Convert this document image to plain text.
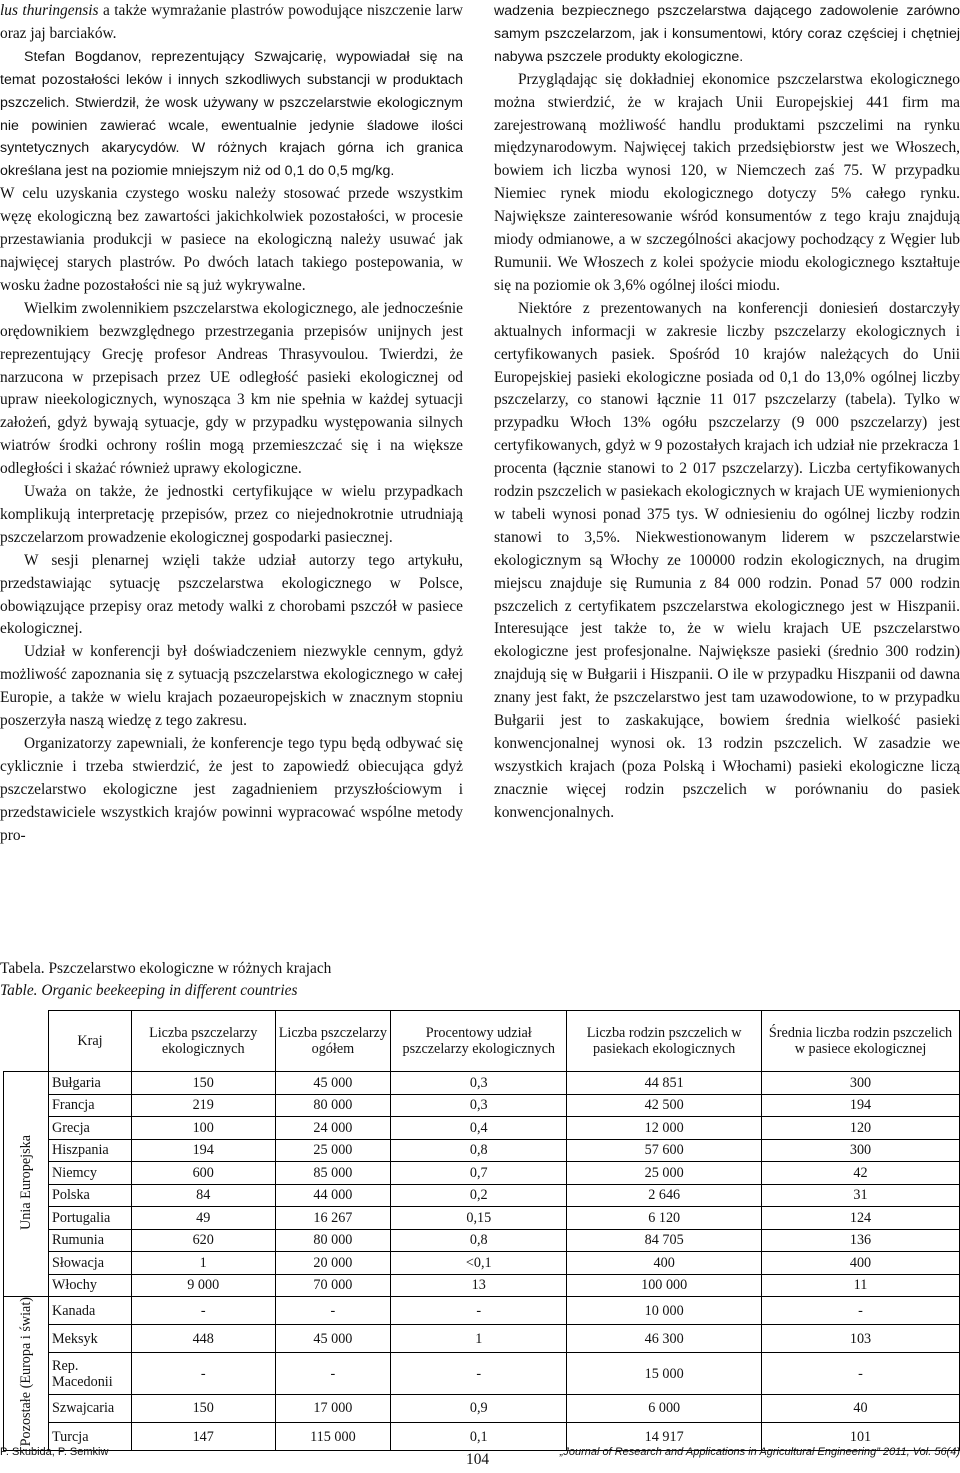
lus thuringensis a także wymrażanie plastrów powodujące niszczenie larw oraz jaj barciaków.

Stefan Bogdanov, reprezentujący Szwajcarię, wypowiadał się na temat pozostałości leków i innych szkodliwych substancji w produktach pszczelich. Stwierdził, że wosk używany w pszczelarstwie ekologicznym nie powinien zawierać wcale, ewentualnie jedynie śladowe ilości syntetycznych akarycydów. W różnych krajach górna ich granica określana jest na poziomie mniejszym niż od 0,1 do 0,5 mg/kg.

W celu uzyskania czystego wosku należy stosować przede wszystkim węzę ekologiczną bez zawartości jakichkolwiek pozostałości, w procesie przestawiania produkcji w pasiece na ekologiczną należy usuwać jak najwięcej starych plastrów. Po dwóch latach takiego postepowania, w wosku żadne pozostałości nie są już wykrywalne.

Wielkim zwolennikiem pszczelarstwa ekologicznego, ale jednocześnie orędownikiem bezwzględnego przestrzegania przepisów unijnych jest reprezentujący Grecję profesor Andreas Thrasyvoulou. Twierdzi, że narzucona w przepisach przez UE odległość pasieki ekologicznej od upraw nieekologicznych, wynosząca 3 km nie spełnia w każdej sytuacji założeń, gdyż bywają sytuacje, gdy w przypadku występowania silnych wiatrów środki ochrony roślin mogą przemieszczać się i na większe odległości i skażać również uprawy ekologiczne.

Uważa on także, że jednostki certyfikujące w wielu przypadkach komplikują interpretację przepisów, przez co niejednokrotnie utrudniają pszczelarzom prowadzenie ekologicznej gospodarki pasiecznej.

W sesji plenarnej wzięli także udział autorzy tego artykułu, przedstawiając sytuację pszczelarstwa ekologicznego w Polsce, obowiązujące przepisy oraz metody walki z chorobami pszczół w pasiece ekologicznej.

Udział w konferencji był doświadczeniem niezwykle cennym, gdyż możliwość zapoznania się z sytuacją pszczelarstwa ekologicznego w całej Europie, a także w wielu krajach pozaeuropejskich w znacznym stopniu poszerzyła naszą wiedzę z tego zakresu.

Organizatorzy zapewniali, że konferencje tego typu będą odbywać się cyklicznie i trzeba stwierdzić, że jest to zapowiedź obiecująca gdyż pszczelarstwo ekologiczne jest zagadnieniem przyszłościowym i przedstawiciele wszystkich krajów powinni wypracować wspólne metody pro-

wadzenia bezpiecznego pszczelarstwa dającego zadowolenie zarówno samym pszczelarzom, jak i konsumentowi, który coraz częściej i chętniej nabywa pszczele produkty ekologiczne.

Przyglądając się dokładniej ekonomice pszczelarstwa ekologicznego można stwierdzić, że w krajach Unii Europejskiej 441 firm ma zarejestrowaną możliwość handlu produktami pszczelimi na rynku międzynarodowym. Najwięcej takich przedsiębiorstw jest we Włoszech, bowiem ich liczba wynosi 120, w Niemczech zaś 75. W przypadku Niemiec rynek miodu ekologicznego dotyczy 5% całego rynku. Największe zainteresowanie wśród konsumentów z tego kraju znajdują miody odmianowe, a w szczególności akacjowy pochodzący z Węgier lub Rumunii. We Włoszech z kolei spożycie miodu ekologicznego kształtuje się na poziomie ok 3,6% ogólnej ilości miodu.

Niektóre z prezentowanych na konferencji doniesień dostarczyły aktualnych informacji w zakresie liczby pszczelarzy ekologicznych i certyfikowanych pasiek. Spośród 10 krajów należących do Unii Europejskiej pasieki ekologiczne posiada od 0,1 do 13,0% ogólnej liczby pszczelarzy, co stanowi łącznie 11 017 pszczelarzy (tabela). Tylko w przypadku Włoch 13% ogółu pszczelarzy (9 000 pszczelarzy) jest certyfikowanych, gdyż w 9 pozostałych krajach ich udział nie przekracza 1 procenta (łącznie stanowi to 2 017 pszczelarzy). Liczba certyfikowanych rodzin pszczelich w pasiekach ekologicznych w krajach UE wymienionych w tabeli wynosi ponad 375 tys. W odniesieniu do ogólnej liczby rodzin stanowi to 3,5%. Niekwestionowanym liderem w pszczelarstwie ekologicznym są Włochy ze 100000 rodzin ekologicznych, na drugim miejscu znajduje się Rumunia z 84 000 rodzin. Ponad 57 000 rodzin pszczelich z certyfikatem pszczelarstwa ekologicznego jest w Hiszpanii. Interesujące jest także to, że w wielu krajach UE pszczelarstwo ekologiczne jest profesjonalne. Największe pasieki (średnio 300 rodzin) znajdują się w Bułgarii i Hiszpanii. O ile w przypadku Hiszpanii od dawna znany jest fakt, że pszczelarstwo jest tam uzawodowione, to w przypadku Bułgarii jest to zaskakujące, bowiem średnia wielkość pasieki konwencjonalnej wynosi ok. 13 rodzin pszczelich. W zasadzie we wszystkich krajach (poza Polską i Włochami) pasieki ekologiczne liczą znacznie więcej rodzin pszczelich w porównaniu do pasiek konwencjonalnych.

Tabela. Pszczelarstwo ekologiczne w różnych krajach
Table. Organic beekeeping in different countries
	Kraj	Liczba pszczelarzy ekologicznych	Liczba pszczelarzy ogółem	Procentowy udział pszczelarzy ekologicznych	Liczba rodzin pszczelich w pasiekach ekologicznych	Średnia liczba rodzin pszczelich w pasiece ekologicznej
Unia Europejska	Bułgaria	150	45 000	0,3	44 851	300
	Francja	219	80 000	0,3	42 500	194
	Grecja	100	24 000	0,4	12 000	120
	Hiszpania	194	25 000	0,8	57 600	300
	Niemcy	600	85 000	0,7	25 000	42
	Polska	84	44 000	0,2	2 646	31
	Portugalia	49	16 267	0,15	6 120	124
	Rumunia	620	80 000	0,8	84 705	136
	Słowacja	1	20 000	<0,1	400	400
	Włochy	9 000	70 000	13	100 000	11
Pozostałe (Europa i świat)	Kanada	-	-	-	10 000	-
	Meksyk	448	45 000	1	46 300	103
	Rep. Macedonii	-	-	-	15 000	-
	Szwajcaria	150	17 000	0,9	6 000	40
	Turcja	147	115 000	0,1	14 917	101
P. Skubida, P. Semkiw	104	„Journal of Research and Applications in Agricultural Engineering” 2011, Vol. 56(4)
